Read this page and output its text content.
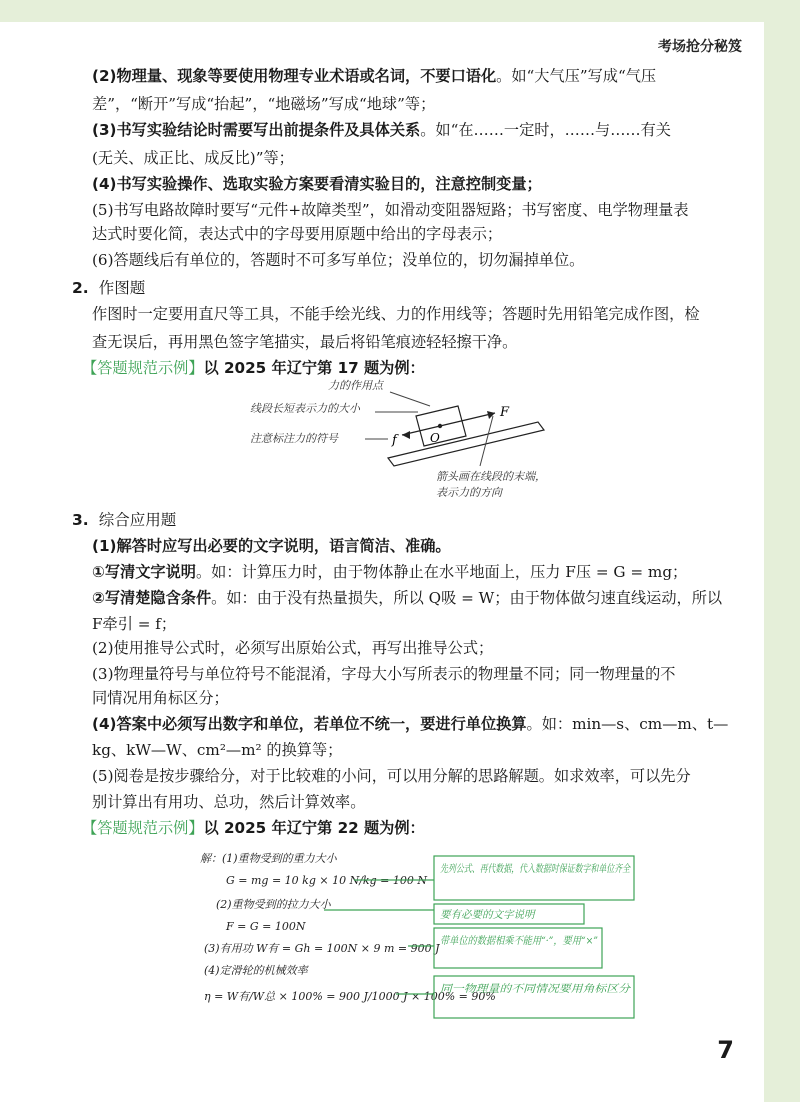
考场抢分秘笈
(2)物理量、现象等要使用物理专业术语或名词，不要口语化。如“大气压”写成“气压
差”，“断开”写成“抬起”，“地磁场”写成“地球”等；
(3)书写实验结论时需要写出前提条件及具体关系。如“在……一定时，……与……有关
(无关、成正比、成反比)”等；
(4)书写实验操作、选取实验方案要看清实验目的，注意控制变量；
(5)书写电路故障时要写“元件+故障类型”，如滑动变阻器短路；书写密度、电学物理量表
达式时要化简，表达式中的字母要用原题中给出的字母表示；
(6)答题线后有单位的，答题时不可多写单位；没单位的，切勿漏掉单位。
2. 作图题
作图时一定要用直尺等工具，不能手绘光线、力的作用线等；答题时先用铅笔完成作图，检
查无误后，再用黑色签字笔描实，最后将铅笔痕迹轻轻擦干净。
【答题规范示例】以 2025 年辽宁第 17 题为例：
力的作用点
线段长短表示力的大小
注意标注力的符号
F
f	O
箭头画在线段的末端，
表示力的方向
3. 综合应用题
(1)解答时应写出必要的文字说明，语言简洁、准确。
①写清文字说明。如：计算压力时，由于物体静止在水平地面上，压力 F压 = G = mg；
②写清楚隐含条件。如：由于没有热量损失，所以 Q吸 = W；由于物体做匀速直线运动，所以
F牵引 = f；
(2)使用推导公式时，必须写出原始公式，再写出推导公式；
(3)物理量符号与单位符号不能混淆，字母大小写所表示的物理量不同；同一物理量的不
同情况用角标区分；
(4)答案中必须写出数字和单位，若单位不统一，要进行单位换算。如：min—s、cm—m、t—
kg、kW—W、cm²—m² 的换算等；
(5)阅卷是按步骤给分，对于比较难的小问，可以用分解的思路解题。如求效率，可以先分
别计算出有用功、总功，然后计算效率。
【答题规范示例】以 2025 年辽宁第 22 题为例：
解：(1)重物受到的重力大小
G = mg = 10 kg × 10 N/kg = 100 N
(2)重物受到的拉力大小
F = G = 100N
(3)有用功 W有 = Gh = 100N × 9 m = 900 J
(4)定滑轮的机械效率
η = W有/W总 × 100% = 900 J/1000 J × 100% = 90%
先列公式、再代数据，代入数据时保证数字和单位齐全
要有必要的文字说明
带单位的数据相乘不能用“·”，要用“×”
同一物理量的不同情况要用角标区分
7
